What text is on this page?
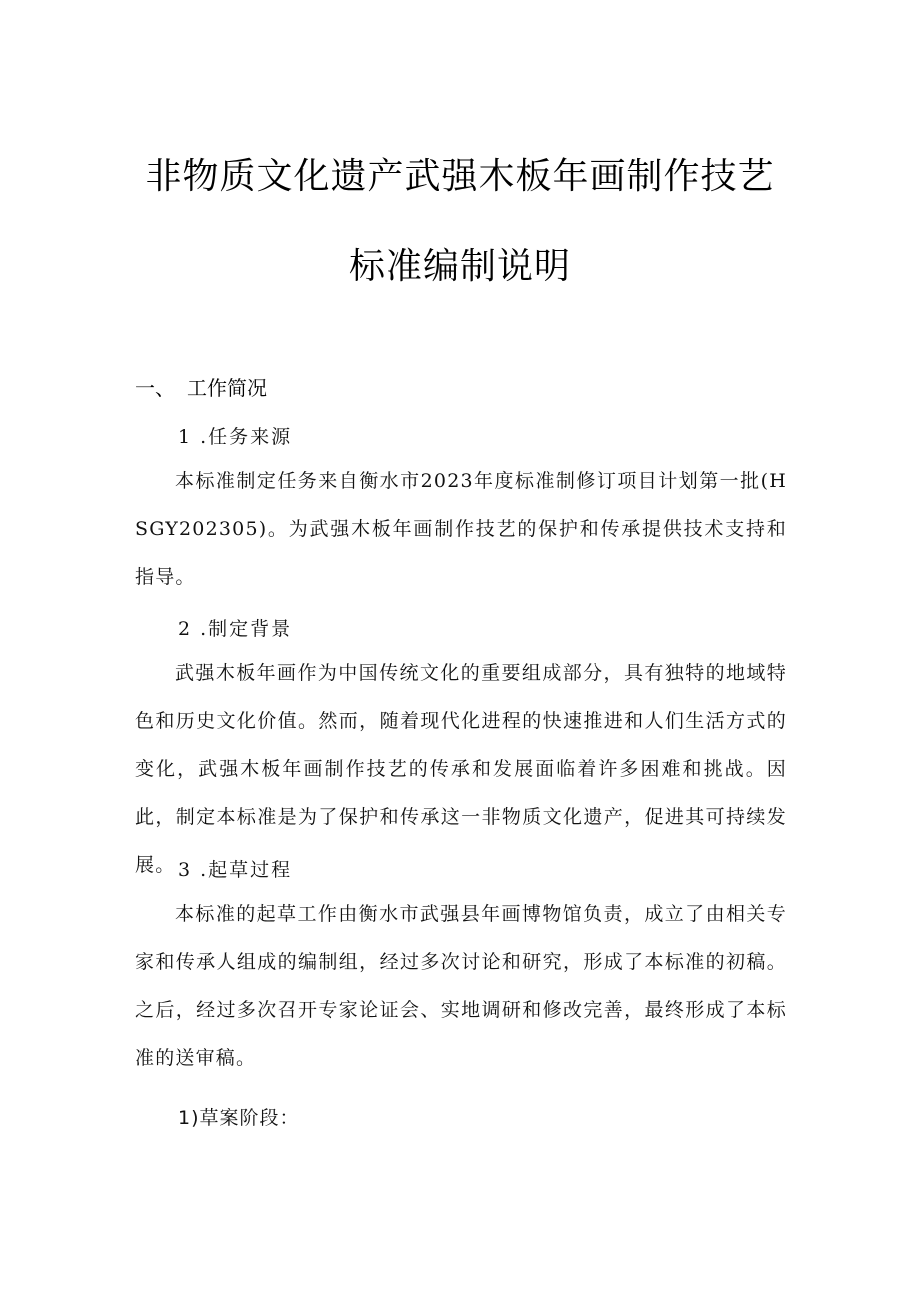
非物质文化遗产武强木板年画制作技艺
标准编制说明
一、 工作简况
1 .任务来源

本标准制定任务来自衡水市2023年度标准制修订项目计划第一批(HSGY202305)。为武强木板年画制作技艺的保护和传承提供技术支持和指导。

2 .制定背景

武强木板年画作为中国传统文化的重要组成部分，具有独特的地域特色和历史文化价值。然而，随着现代化进程的快速推进和人们生活方式的变化，武强木板年画制作技艺的传承和发展面临着许多困难和挑战。因此，制定本标准是为了保护和传承这一非物质文化遗产，促进其可持续发展。 3 .起草过程

本标准的起草工作由衡水市武强县年画博物馆负责，成立了由相关专家和传承人组成的编制组，经过多次讨论和研究，形成了本标准的初稿。之后，经过多次召开专家论证会、实地调研和修改完善，最终形成了本标准的送审稿。

1)草案阶段：
